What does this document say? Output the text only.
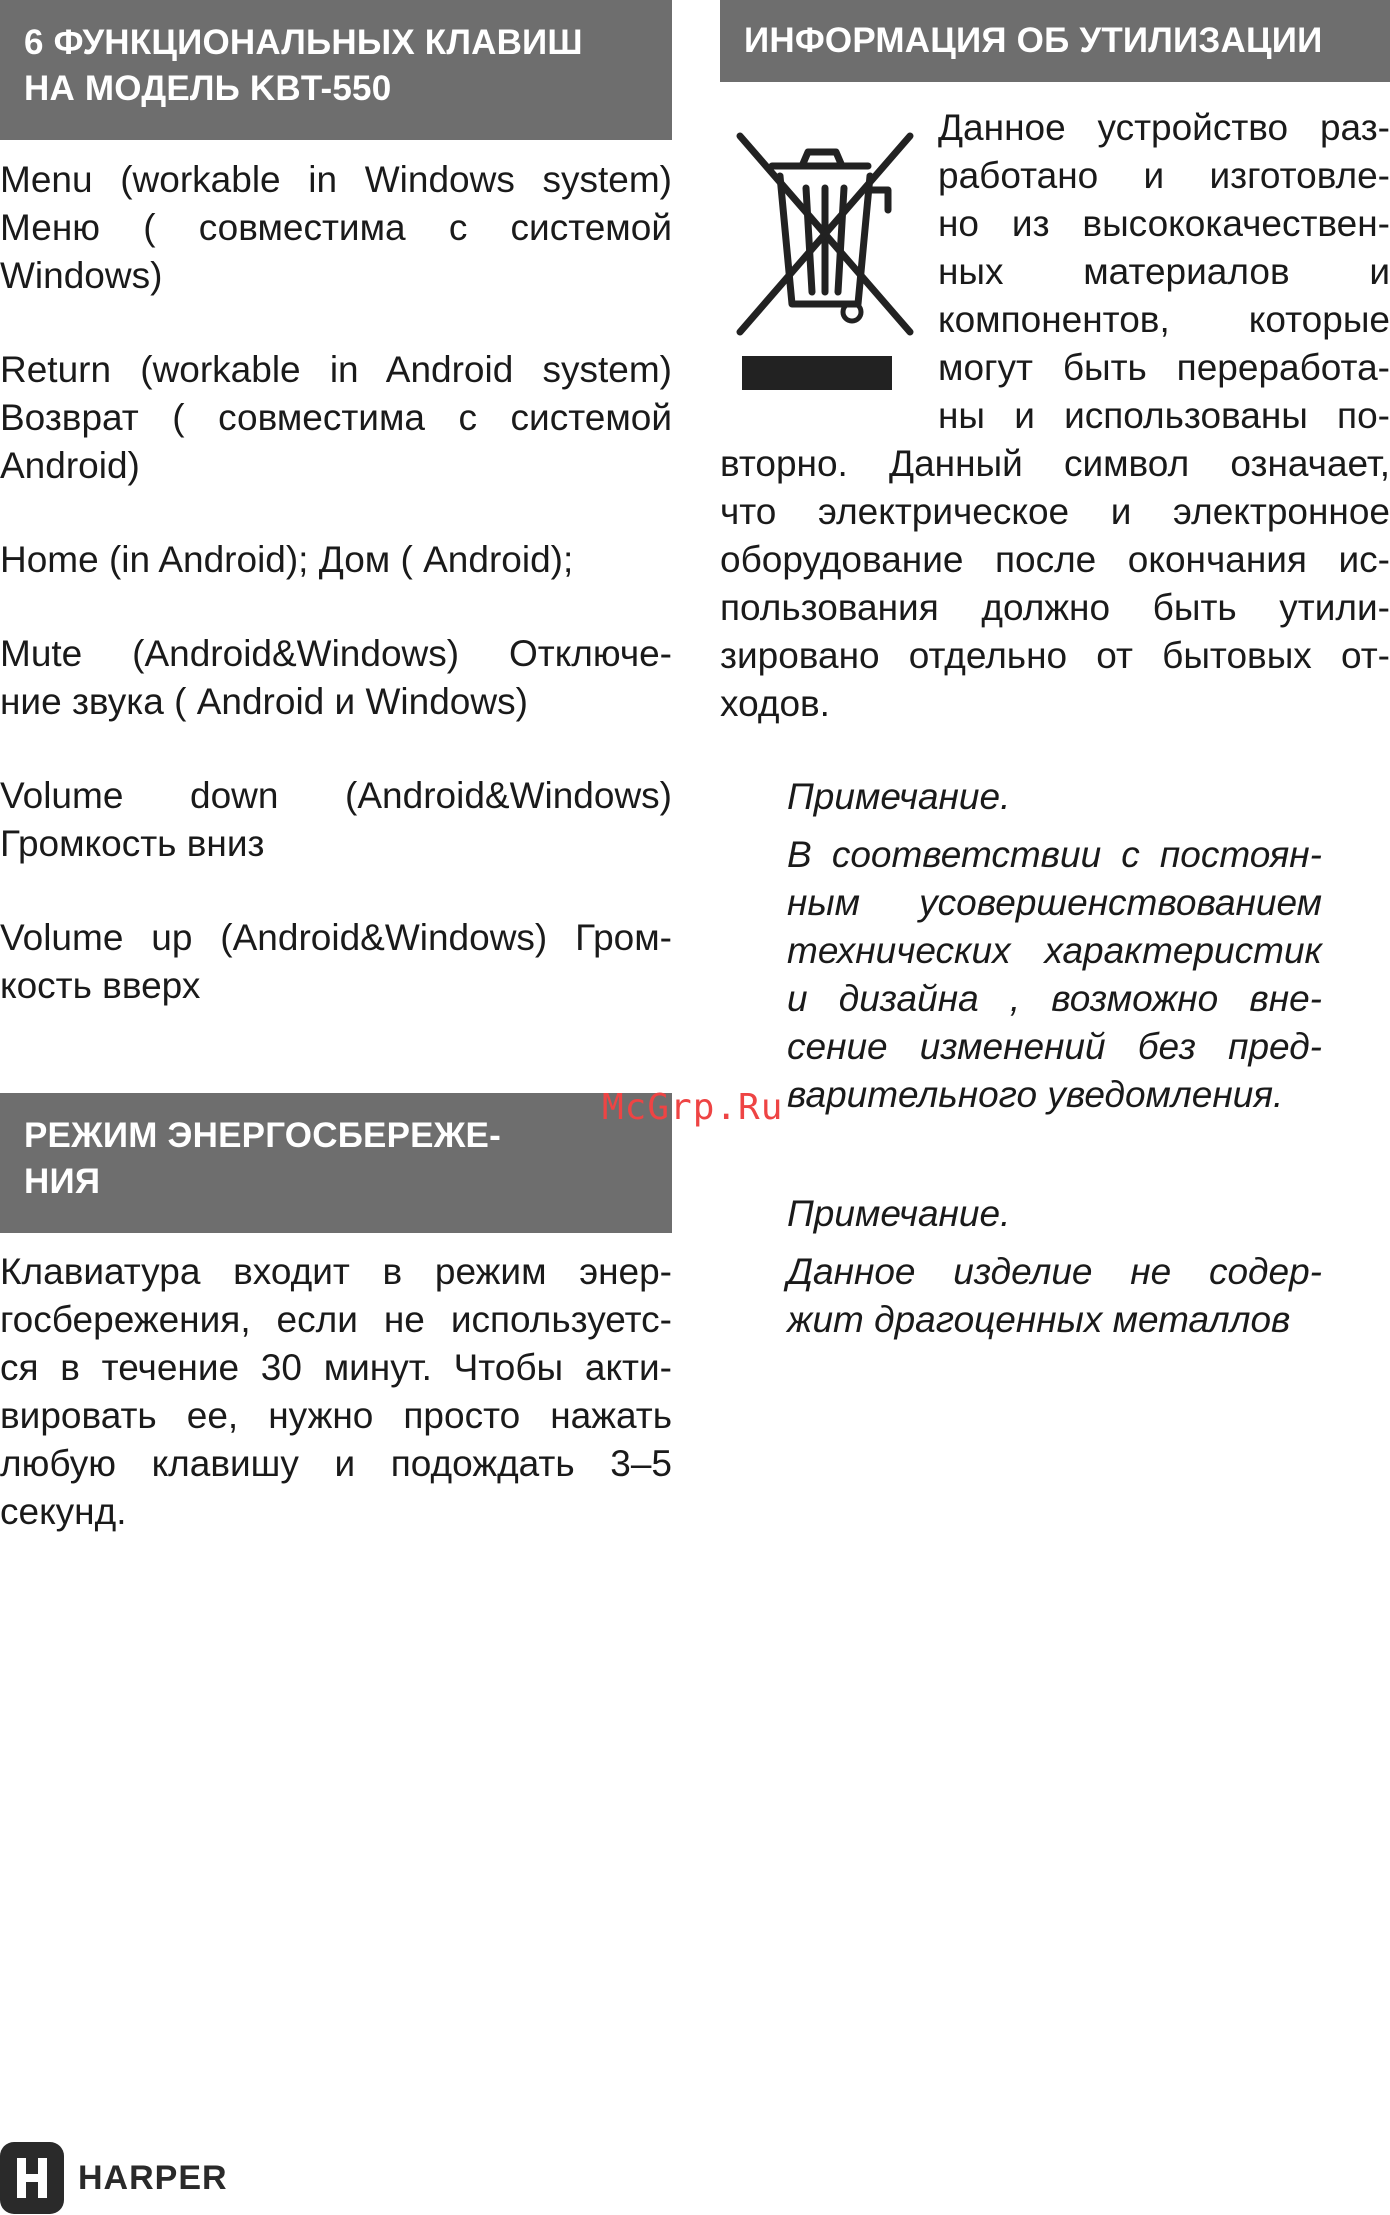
6 ФУНКЦИОНАЛЬНЫХ КЛАВИШ
НА МОДЕЛЬ KBT-550
Menu (workable in Windows system)
Меню ( совместима с системой
Windows)
Return (workable in Android system)
Возврат ( совместима с системой
Android)
Home (in Android); Дом ( Android);
Mute (Android&Windows) Отключе-
ние звука ( Android и Windows)
Volume down (Android&Windows)
Громкость вниз
Volume up (Android&Windows) Гром-
кость вверх
РЕЖИМ ЭНЕРГОСБЕРЕЖЕ-
НИЯ
Клавиатура входит в режим энер-
госбережения, если не используетс-
ся в течение 30 минут. Чтобы акти-
вировать ее, нужно просто нажать
любую клавишу и подождать 3–5
секунд.
ИНФОРМАЦИЯ ОБ УТИЛИЗАЦИИ
Данное устройство раз-
работано и изготовле-
но из высококачествен-
ных материалов и
компонентов, которые
могут быть переработа-
ны и использованы по-
вторно. Данный символ означает,
что электрическое и электронное
оборудование после окончания ис-
пользования должно быть утили-
зировано отдельно от бытовых от-
ходов.
Примечание.
В соответствии с постоян-
ным усовершенствованием
технических характеристик
и дизайна , возможно вне-
сение изменений без пред-
варительного уведомления.
Примечание.
Данное изделие не содер-
жит драгоценных металлов
McGrp.Ru
HARPER
